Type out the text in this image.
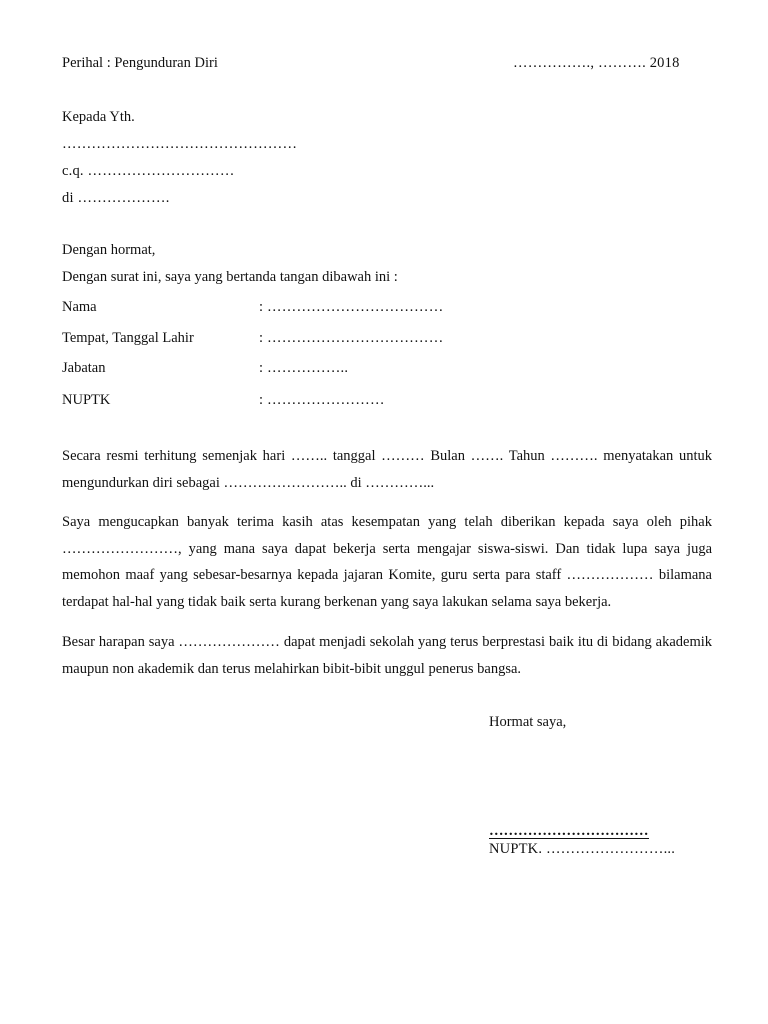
Perihal : Pengunduran Diri	……………., ………. 2018
Kepada Yth.
…………………………………………
c.q. …………………………
di ……………….
Dengan hormat,
Dengan surat ini, saya yang bertanda tangan dibawah ini :
Nama	: ………………………………
Tempat, Tanggal Lahir	: ………………………………
Jabatan	: ……………..
NUPTK	: ……………………
Secara resmi terhitung semenjak hari …….. tanggal ……… Bulan ……. Tahun ………. menyatakan untuk mengundurkan diri sebagai …………………….. di …………...
Saya mengucapkan banyak terima kasih atas kesempatan yang telah diberikan kepada saya oleh pihak ……………………, yang mana saya dapat bekerja serta mengajar siswa-siswi. Dan tidak lupa saya juga memohon maaf yang sebesar-besarnya kepada jajaran Komite, guru serta para staff ……………… bilamana terdapat hal-hal yang tidak baik serta kurang berkenan yang saya lakukan selama saya bekerja.
Besar harapan saya ………………… dapat menjadi sekolah yang terus berprestasi baik itu di bidang akademik maupun non akademik dan terus melahirkan bibit-bibit unggul penerus bangsa.
Hormat saya,
……………………………
NUPTK. ……………………...
